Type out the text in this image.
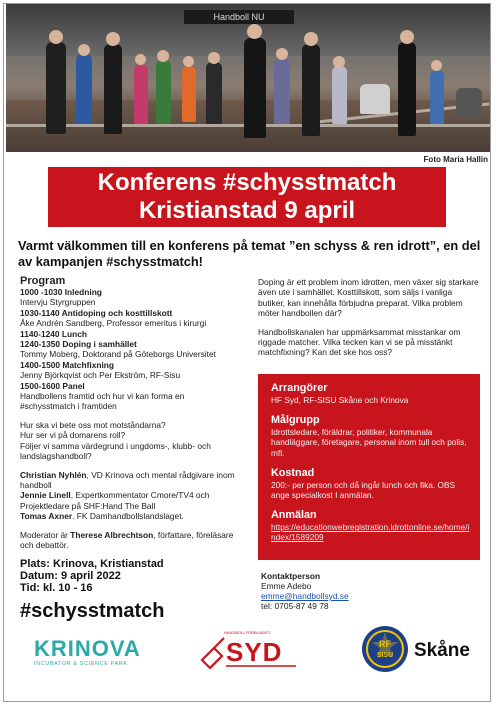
Handboll NU
Foto Maria Hallin
Konferens #schysstmatch
Kristianstad 9 april
Varmt välkommen till en konferens på temat ”en schyss & ren idrott”, en del av kampanjen #schysstmatch!
Program
1000 -1030 Inledning
Intervju Styrgruppen
1030-1140 Antidoping och kosttillskott
Åke Andrén Sandberg, Professor emeritus i kirurgi
1140-1240 Lunch
1240-1350 Doping i samhället
Tommy Moberg, Doktorand på Göteborgs Universitet
1400-1500 Matchfixning
Jenny Björkqvist och Per Ekström, RF-Sisu
1500-1600 Panel
Handbollens framtid och hur vi kan forma en #schysstmatch i framtiden
Hur ska vi bete oss mot motståndarna?
Hur ser vi på domarens roll?
Följer vi samma värdegrund i ungdoms-, klubb- och landslagshandboll?
Christian Nyhlén, VD Krinova och mental rådgivare inom handboll
Jennie Linell, Expertkommentator Cmore/TV4 och Projektledare på SHF:Hand The Ball
Tomas Axner. FK Damhandbollslandslaget.
Moderator är Therese Albrechtson, författare, föreläsare och debattör.
Doping är ett problem inom idrotten, men växer sig starkare även ute i samhället. Kosttillskott, som säljs i vanliga butiker, kan innehålla förbjudna preparat. Vilka problem möter handbollen där?
Handbollskanalen har uppmärksammat misstankar om riggade matcher. Vilka tecken kan vi se på misstänkt matchfixning? Kan det ske hos oss?
Arrangörer
HF Syd, RF-SISU Skåne och Krinova
Målgrupp
Idrottsledare, föräldrar, politiker, kommunala handläggare, företagare, personal inom tull och polis, mfl.
Kostnad
200:- per person och då ingår lunch och fika. OBS ange specialkost I anmälan.
Anmälan
https://educationwebregistration.idrottonline.se/home/index/1589209
Plats: Krinova, Kristianstad
Datum: 9 april 2022
Tid: kl. 10 - 16
#schysstmatch
Kontaktperson
Emme Adebo
emme@handbollsyd.se
tel: 0705-87 49 78
KRINOVA
INCUBATOR & SCIENCE PARK
HANDBOLLFÖRBUNDET
SYD	RF
SISU Skåne
